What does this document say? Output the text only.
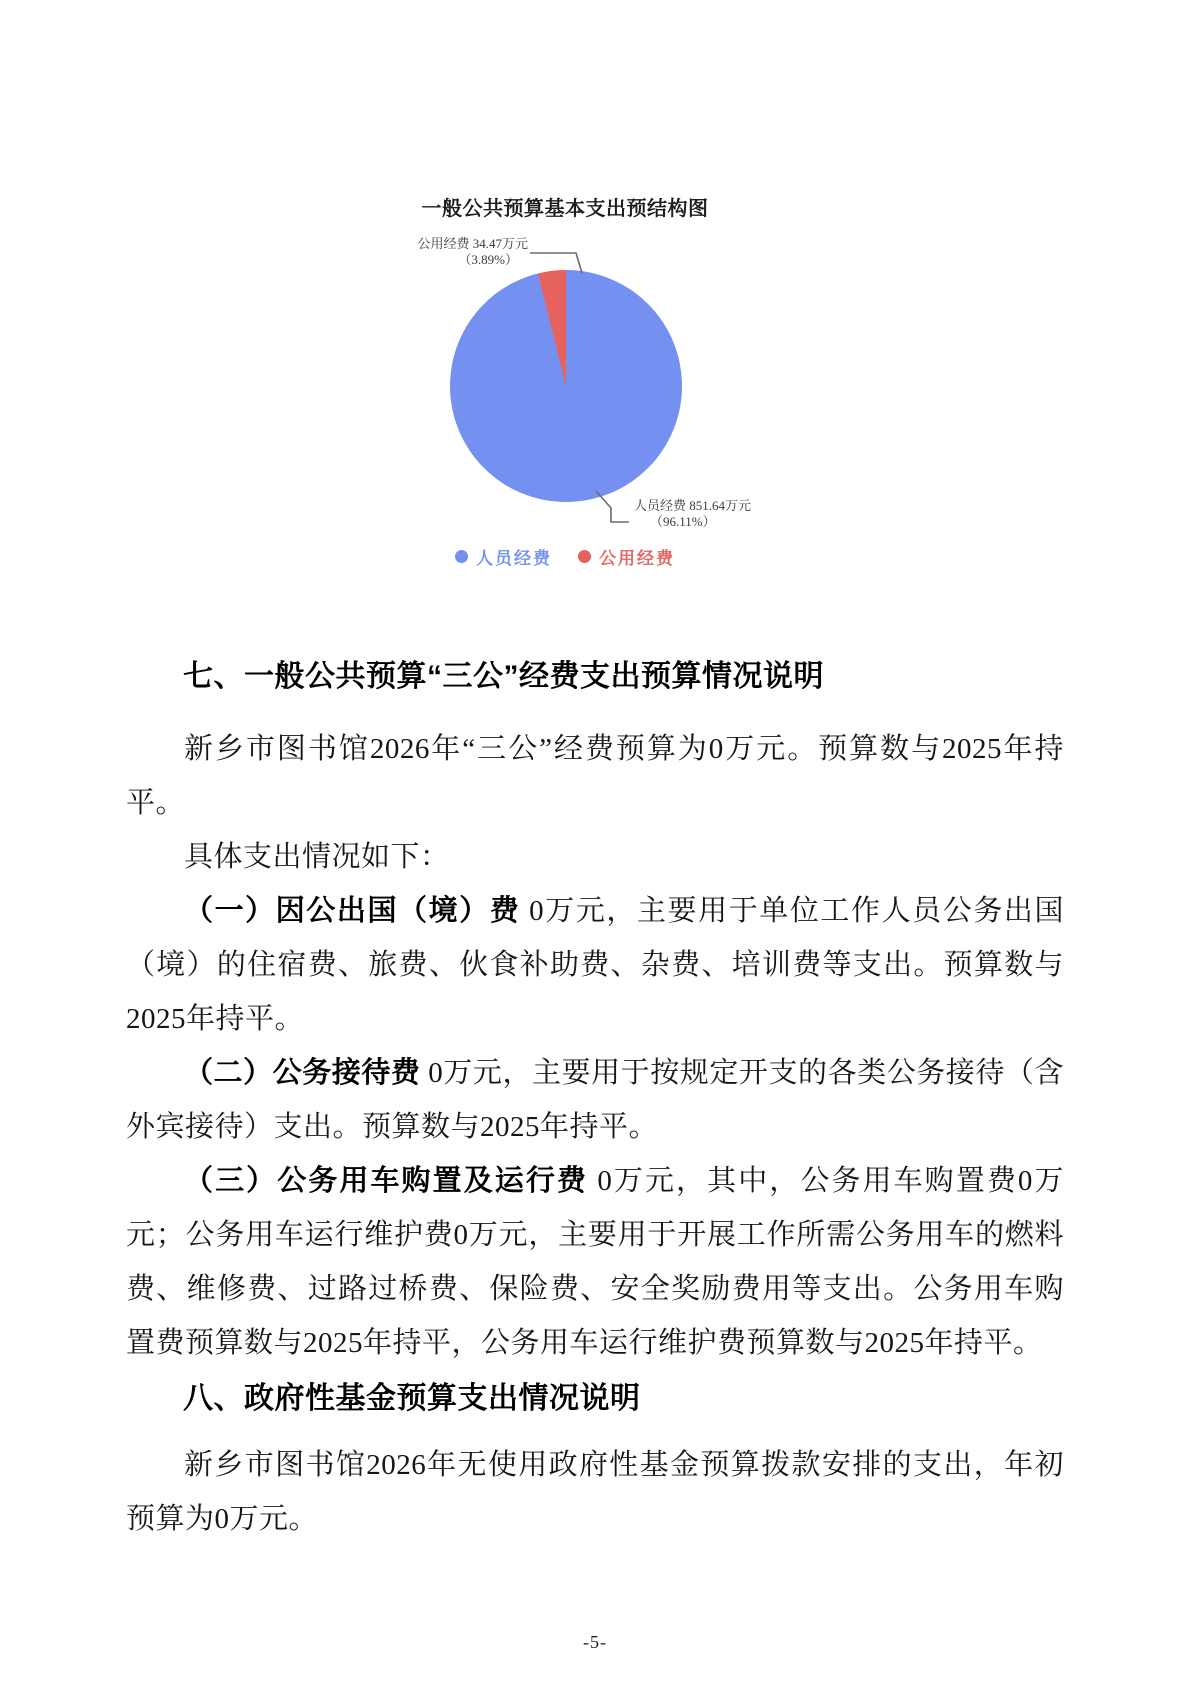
一般公共预算基本支出预结构图
公用经费 34.47万元
（3.89%）
人员经费 851.64万元
（96.11%）
人员经费	公用经费
七、一般公共预算“三公”经费支出预算情况说明

新乡市图书馆2026年“三公”经费预算为0万元。预算数与2025年持平。

具体支出情况如下：

（一）因公出国（境）费 0万元，主要用于单位工作人员公务出国（境）的住宿费、旅费、伙食补助费、杂费、培训费等支出。预算数与2025年持平。

（二）公务接待费 0万元，主要用于按规定开支的各类公务接待（含外宾接待）支出。预算数与2025年持平。

（三）公务用车购置及运行费 0万元，其中，公务用车购置费0万元；公务用车运行维护费0万元，主要用于开展工作所需公务用车的燃料费、维修费、过路过桥费、保险费、安全奖励费用等支出。公务用车购置费预算数与2025年持平，公务用车运行维护费预算数与2025年持平。

八、政府性基金预算支出情况说明

新乡市图书馆2026年无使用政府性基金预算拨款安排的支出，年初预算为0万元。

-5-
